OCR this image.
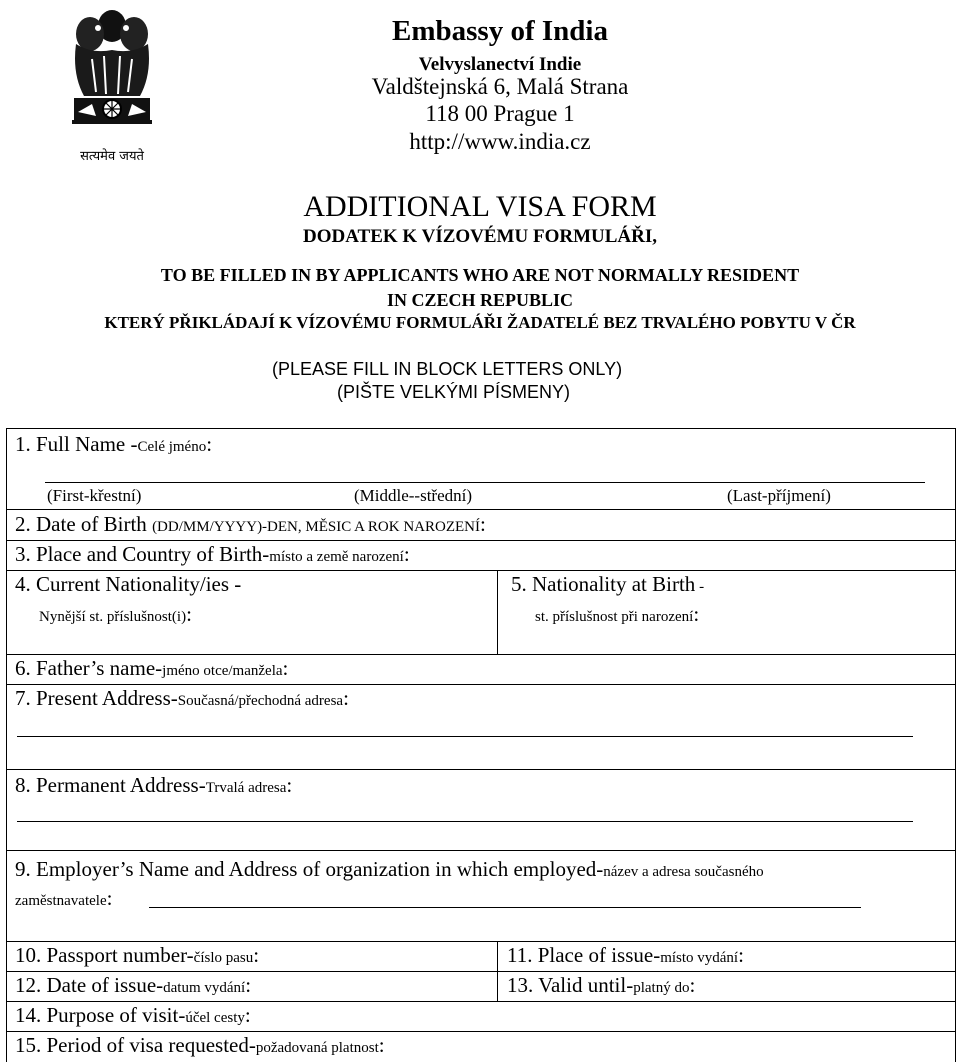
सत्यमेव जयते
Embassy of India
Velvyslanectví Indie
Valdštejnská 6, Malá Strana
118 00 Prague 1
http://www.india.cz
ADDITIONAL VISA FORM
DODATEK K VÍZOVÉMU FORMULÁŘI,
TO BE FILLED IN BY APPLICANTS WHO ARE NOT NORMALLY RESIDENT
IN CZECH REPUBLIC
KTERÝ PŘIKLÁDAJÍ K VÍZOVÉMU FORMULÁŘI ŽADATELÉ BEZ TRVALÉHO POBYTU V ČR
(PLEASE FILL IN BLOCK LETTERS ONLY)
(PIŠTE VELKÝMI PÍSMENY)
1. Full Name -Celé jméno:
(First-křestní)	(Middle--střední)	(Last-příjmení)
2. Date of Birth (DD/MM/YYYY)-DEN, MĚSIC A ROK NAROZENÍ:
3. Place and Country of Birth-místo a země narození:
4. Current Nationality/ies -
Nynější st. příslušnost(i):
5. Nationality at Birth -
st. příslušnost při narození:
6. Father’s name-jméno otce/manžela:
7. Present Address-Současná/přechodná adresa:
8. Permanent Address-Trvalá adresa:
9. Employer’s Name and Address of organization in which employed-název a adresa současného
zaměstnavatele:
10. Passport number-číslo pasu:	11. Place of issue-místo vydání:
12. Date of issue-datum vydání:	13. Valid until-platný do:
14. Purpose of visit-účel cesty:
15. Period of visa requested-požadovaná platnost:
